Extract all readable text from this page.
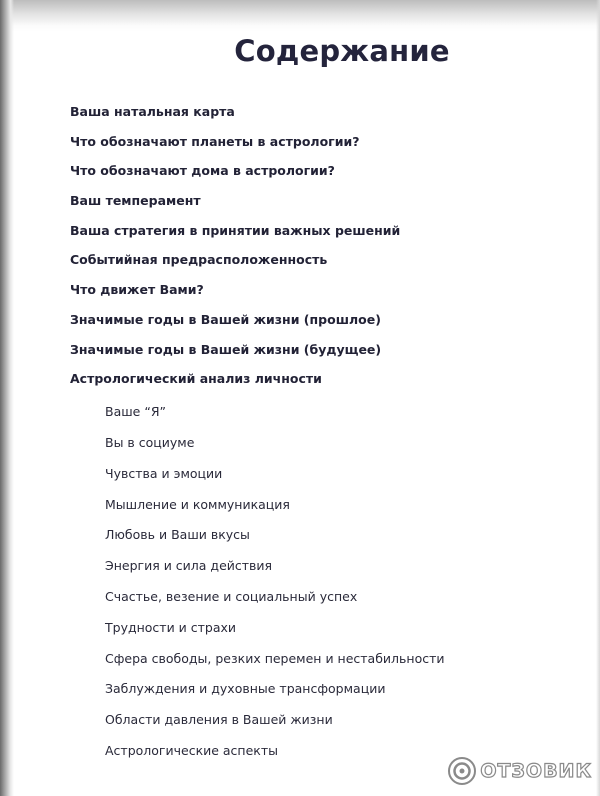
Содержание
Ваша натальная карта
Что обозначают планеты в астрологии?
Что обозначают дома в астрологии?
Ваш темперамент
Ваша стратегия в принятии важных решений
Событийная предрасположенность
Что движет Вами?
Значимые годы в Вашей жизни (прошлое)
Значимые годы в Вашей жизни (будущее)
Астрологический анализ личности
Ваше “Я”
Вы в социуме
Чувства и эмоции
Мышление и коммуникация
Любовь и Ваши вкусы
Энергия и сила действия
Счастье, везение и социальный успех
Трудности и страхи
Сфера свободы, резких перемен и нестабильности
Заблуждения и духовные трансформации
Области давления в Вашей жизни
Астрологические аспекты
ОТЗОВИК
